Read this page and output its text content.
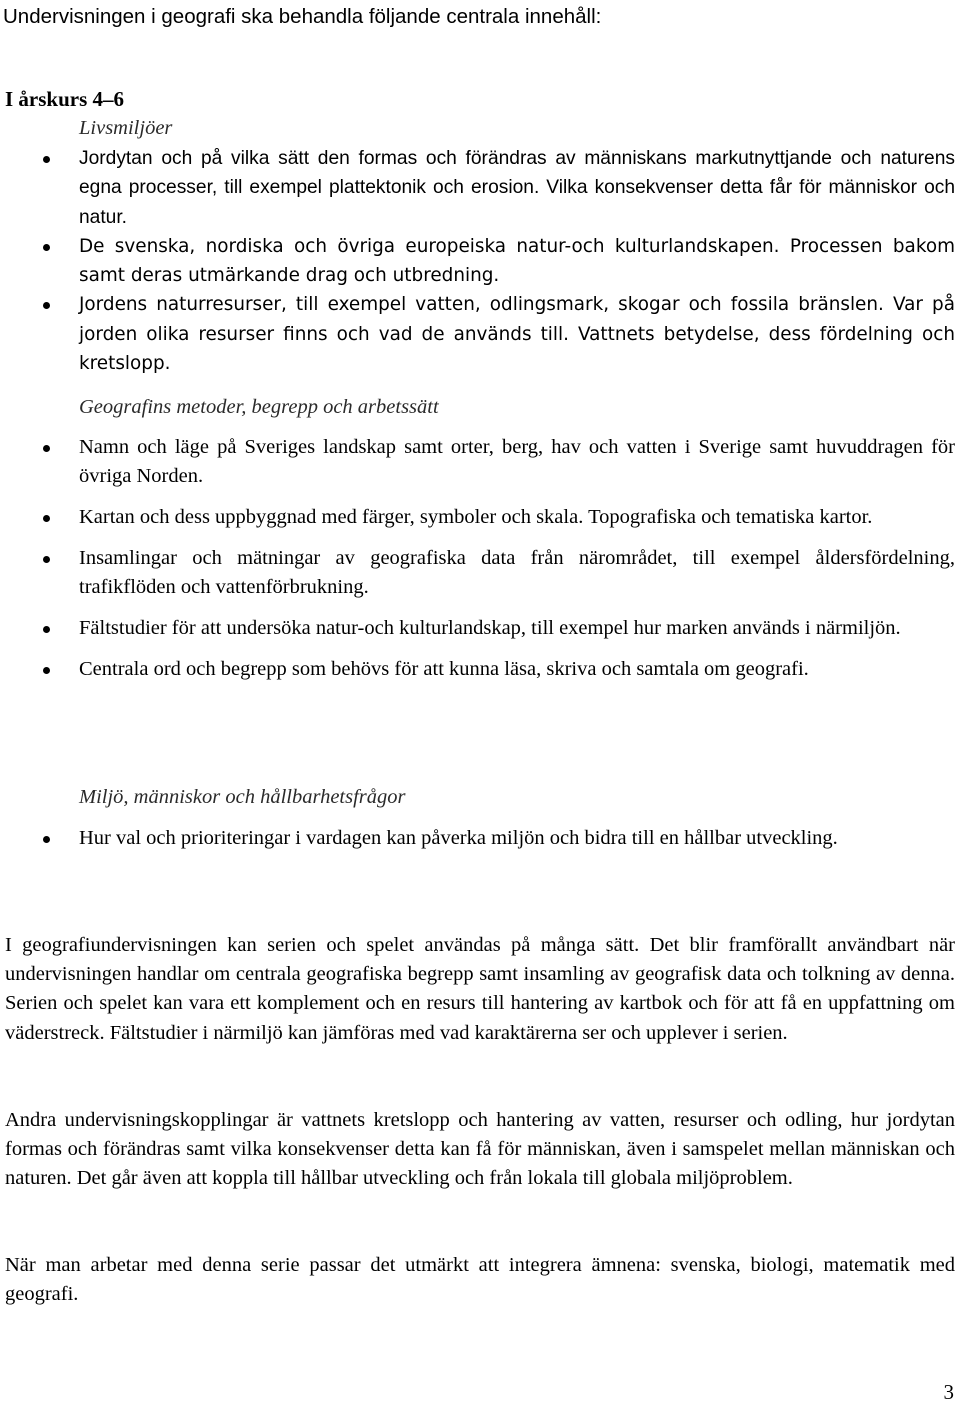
Undervisningen i geografi ska behandla följande centrala innehåll:
I årskurs 4–6
Livsmiljöer
Jordytan och på vilka sätt den formas och förändras av människans markutnyttjande och naturens egna processer, till exempel plattektonik och erosion. Vilka konsekvenser detta får för människor och natur.
De svenska, nordiska och övriga europeiska natur-och kulturlandskapen. Processen bakom samt deras utmärkande drag och utbredning.
Jordens naturresurser, till exempel vatten, odlingsmark, skogar och fossila bränslen. Var på jorden olika resurser finns och vad de används till. Vattnets betydelse, dess fördelning och kretslopp.
Geografins metoder, begrepp och arbetssätt
Namn och läge på Sveriges landskap samt orter, berg, hav och vatten i Sverige samt huvuddragen för övriga Norden.
Kartan och dess uppbyggnad med färger, symboler och skala. Topografiska och tematiska kartor.
Insamlingar och mätningar av geografiska data från närområdet, till exempel åldersfördelning, trafikflöden och vattenförbrukning.
Fältstudier för att undersöka natur-och kulturlandskap, till exempel hur marken används i närmiljön.
Centrala ord och begrepp som behövs för att kunna läsa, skriva och samtala om geografi.
Miljö, människor och hållbarhetsfrågor
Hur val och prioriteringar i vardagen kan påverka miljön och bidra till en hållbar utveckling.

I geografiundervisningen kan serien och spelet användas på många sätt. Det blir framförallt användbart när undervisningen handlar om centrala geografiska begrepp samt insamling av geografisk data och tolkning av denna. Serien och spelet kan vara ett komplement och en resurs till hantering av kartbok och för att få en uppfattning om väderstreck. Fältstudier i närmiljö kan jämföras med vad karaktärerna ser och upplever i serien.

Andra undervisningskopplingar är vattnets kretslopp och hantering av vatten, resurser och odling, hur jordytan formas och förändras samt vilka konsekvenser detta kan få för människan, även i samspelet mellan människan och naturen. Det går även att koppla till hållbar utveckling och från lokala till globala miljöproblem.

När man arbetar med denna serie passar det utmärkt att integrera ämnena: svenska, biologi, matematik med geografi.

3
